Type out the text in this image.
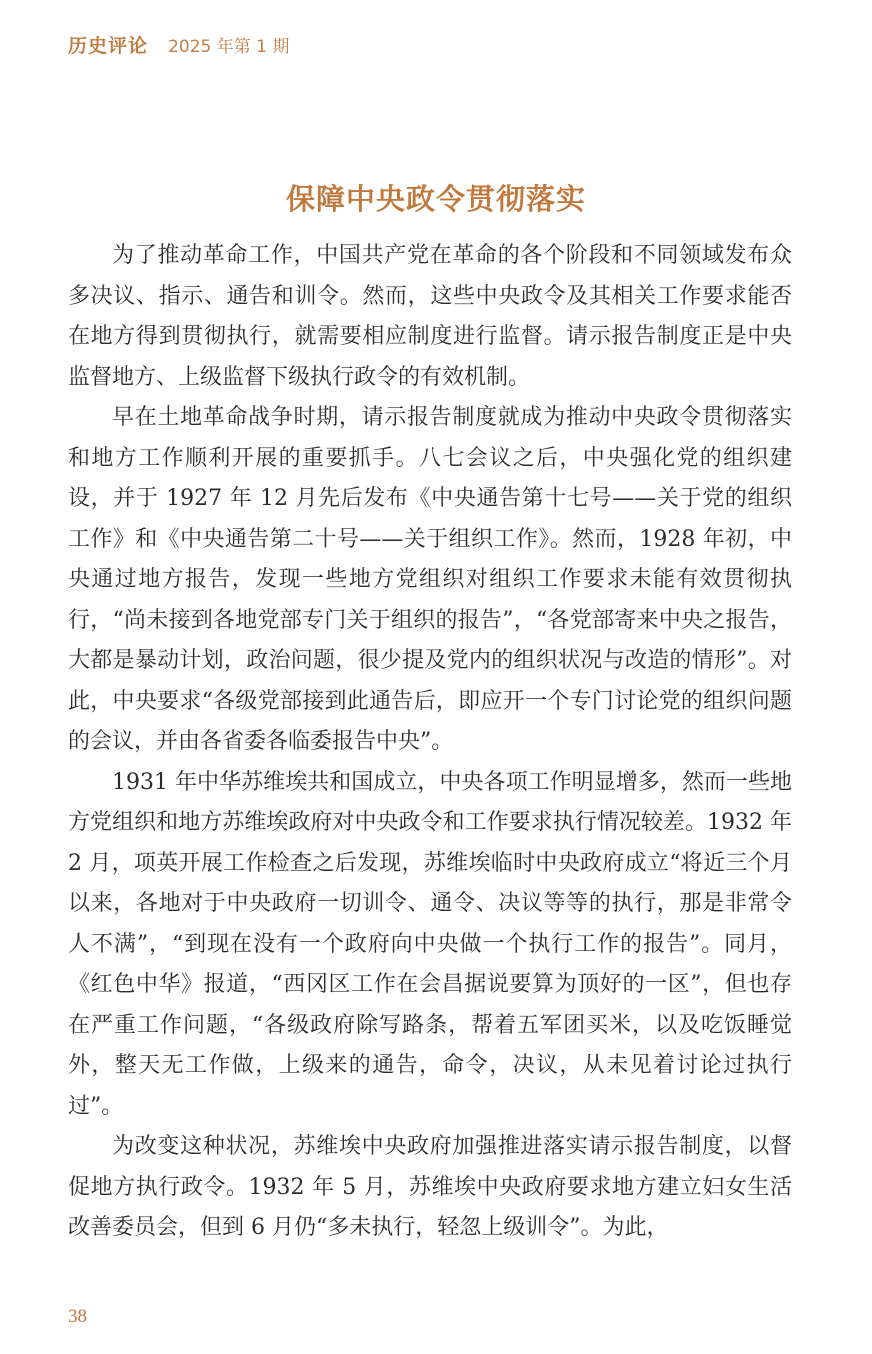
历史评论 2025 年第 1 期
保障中央政令贯彻落实

为了推动革命工作，中国共产党在革命的各个阶段和不同领域发布众多决议、指示、通告和训令。然而，这些中央政令及其相关工作要求能否在地方得到贯彻执行，就需要相应制度进行监督。请示报告制度正是中央监督地方、上级监督下级执行政令的有效机制。

早在土地革命战争时期，请示报告制度就成为推动中央政令贯彻落实和地方工作顺利开展的重要抓手。八七会议之后，中央强化党的组织建设，并于 1927 年 12 月先后发布《中央通告第十七号——关于党的组织工作》和《中央通告第二十号——关于组织工作》。然而，1928 年初，中央通过地方报告，发现一些地方党组织对组织工作要求未能有效贯彻执行，“尚未接到各地党部专门关于组织的报告”，“各党部寄来中央之报告，大都是暴动计划，政治问题，很少提及党内的组织状况与改造的情形”。对此，中央要求“各级党部接到此通告后，即应开一个专门讨论党的组织问题的会议，并由各省委各临委报告中央”。

1931 年中华苏维埃共和国成立，中央各项工作明显增多，然而一些地方党组织和地方苏维埃政府对中央政令和工作要求执行情况较差。1932 年 2 月，项英开展工作检查之后发现，苏维埃临时中央政府成立“将近三个月以来，各地对于中央政府一切训令、通令、决议等等的执行，那是非常令人不满”，“到现在没有一个政府向中央做一个执行工作的报告”。同月，《红色中华》报道，“西冈区工作在会昌据说要算为顶好的一区”，但也存在严重工作问题，“各级政府除写路条，帮着五军团买米，以及吃饭睡觉外，整天无工作做，上级来的通告，命令，决议，从未见着讨论过执行过”。

为改变这种状况，苏维埃中央政府加强推进落实请示报告制度，以督促地方执行政令。1932 年 5 月，苏维埃中央政府要求地方建立妇女生活改善委员会，但到 6 月仍“多未执行，轻忽上级训令”。为此，

38
